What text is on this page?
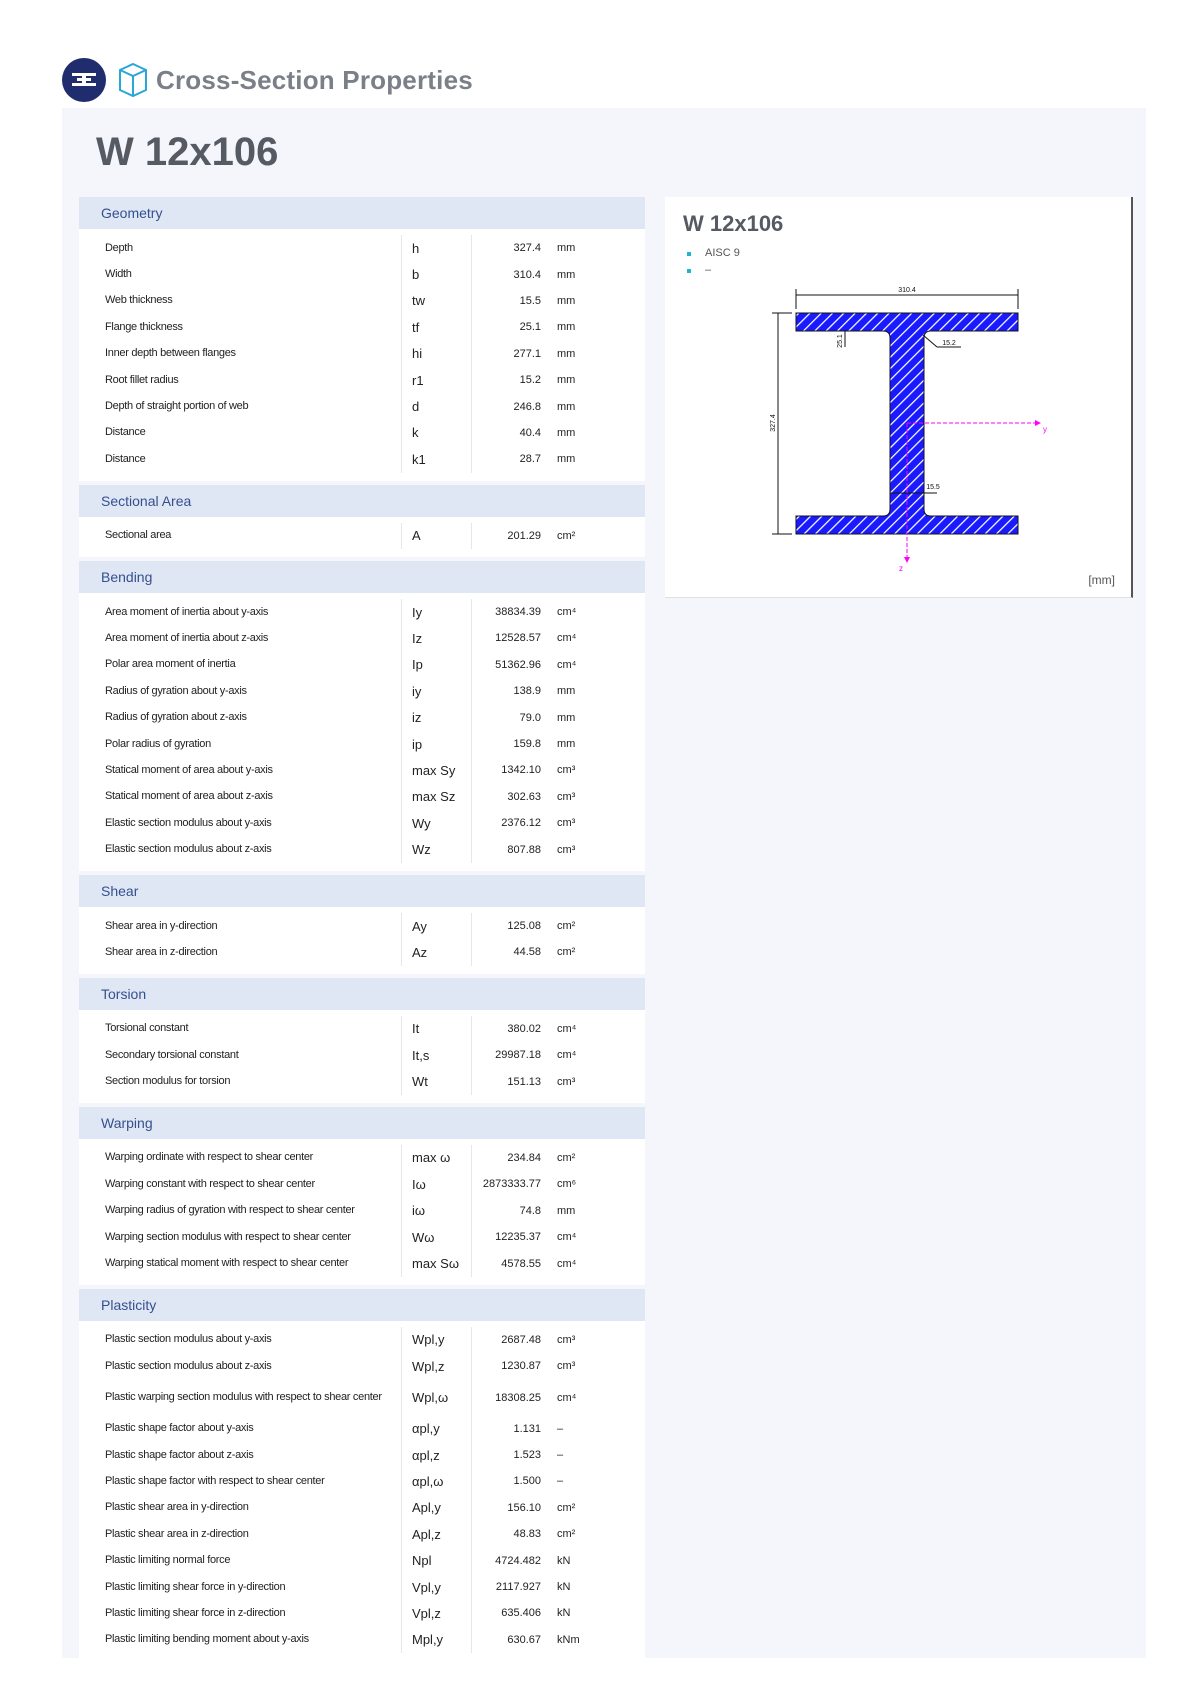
Cross-Section Properties
W 12x106
Geometry
Depth	h	327.4	mm
Width	b	310.4	mm
Web thickness	tw	15.5	mm
Flange thickness	tf	25.1	mm
Inner depth between flanges	hi	277.1	mm
Root fillet radius	r1	15.2	mm
Depth of straight portion of web	d	246.8	mm
Distance	k	40.4	mm
Distance	k1	28.7	mm
Sectional Area
Sectional area	A	201.29	cm²
Bending
Area moment of inertia about y-axis	Iy	38834.39	cm⁴
Area moment of inertia about z-axis	Iz	12528.57	cm⁴
Polar area moment of inertia	Ip	51362.96	cm⁴
Radius of gyration about y-axis	iy	138.9	mm
Radius of gyration about z-axis	iz	79.0	mm
Polar radius of gyration	ip	159.8	mm
Statical moment of area about y-axis	max Sy	1342.10	cm³
Statical moment of area about z-axis	max Sz	302.63	cm³
Elastic section modulus about y-axis	Wy	2376.12	cm³
Elastic section modulus about z-axis	Wz	807.88	cm³
Shear
Shear area in y-direction	Ay	125.08	cm²
Shear area in z-direction	Az	44.58	cm²
Torsion
Torsional constant	It	380.02	cm⁴
Secondary torsional constant	It,s	29987.18	cm⁴
Section modulus for torsion	Wt	151.13	cm³
Warping
Warping ordinate with respect to shear center	max ω	234.84	cm²
Warping constant with respect to shear center	Iω	2873333.77	cm⁶
Warping radius of gyration with respect to shear center	iω	74.8	mm
Warping section modulus with respect to shear center	Wω	12235.37	cm⁴
Warping statical moment with respect to shear center	max Sω	4578.55	cm⁴
Plasticity
Plastic section modulus about y-axis	Wpl,y	2687.48	cm³
Plastic section modulus about z-axis	Wpl,z	1230.87	cm³
Plastic warping section modulus with respect to shear center	Wpl,ω	18308.25	cm⁴
Plastic shape factor about y-axis	αpl,y	1.131	–
Plastic shape factor about z-axis	αpl,z	1.523	–
Plastic shape factor with respect to shear center	αpl,ω	1.500	–
Plastic shear area in y-direction	Apl,y	156.10	cm²
Plastic shear area in z-direction	Apl,z	48.83	cm²
Plastic limiting normal force	Npl	4724.482	kN
Plastic limiting shear force in y-direction	Vpl,y	2117.927	kN
Plastic limiting shear force in z-direction	Vpl,z	635.406	kN
Plastic limiting bending moment about y-axis	Mpl,y	630.67	kNm
W 12x106
AISC 9
–
310.4
327.4
25.1	15.2
15.5
y
z
[mm]
